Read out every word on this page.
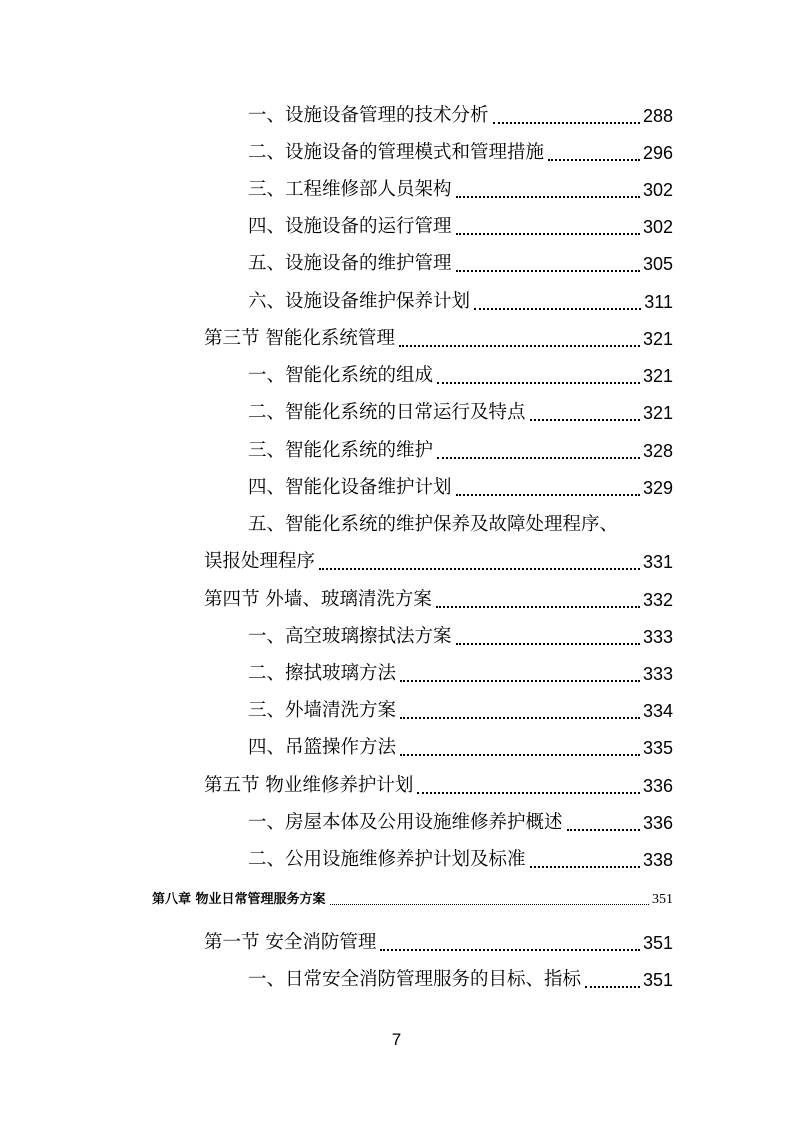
一、设施设备管理的技术分析	288
二、设施设备的管理模式和管理措施	296
三、工程维修部人员架构	302
四、设施设备的运行管理	302
五、设施设备的维护管理	305
六、设施设备维护保养计划	311
第三节 智能化系统管理	321
一、智能化系统的组成	321
二、智能化系统的日常运行及特点	321
三、智能化系统的维护	328
四、智能化设备维护计划	329
五、智能化系统的维护保养及故障处理程序、
误报处理程序	331
第四节 外墙、玻璃清洗方案	332
一、高空玻璃擦拭法方案	333
二、擦拭玻璃方法	333
三、外墙清洗方案	334
四、吊篮操作方法	335
第五节 物业维修养护计划	336
一、房屋本体及公用设施维修养护概述	336
二、公用设施维修养护计划及标准	338
第八章 物业日常管理服务方案	351
第一节 安全消防管理	351
一、日常安全消防管理服务的目标、指标	351
7
